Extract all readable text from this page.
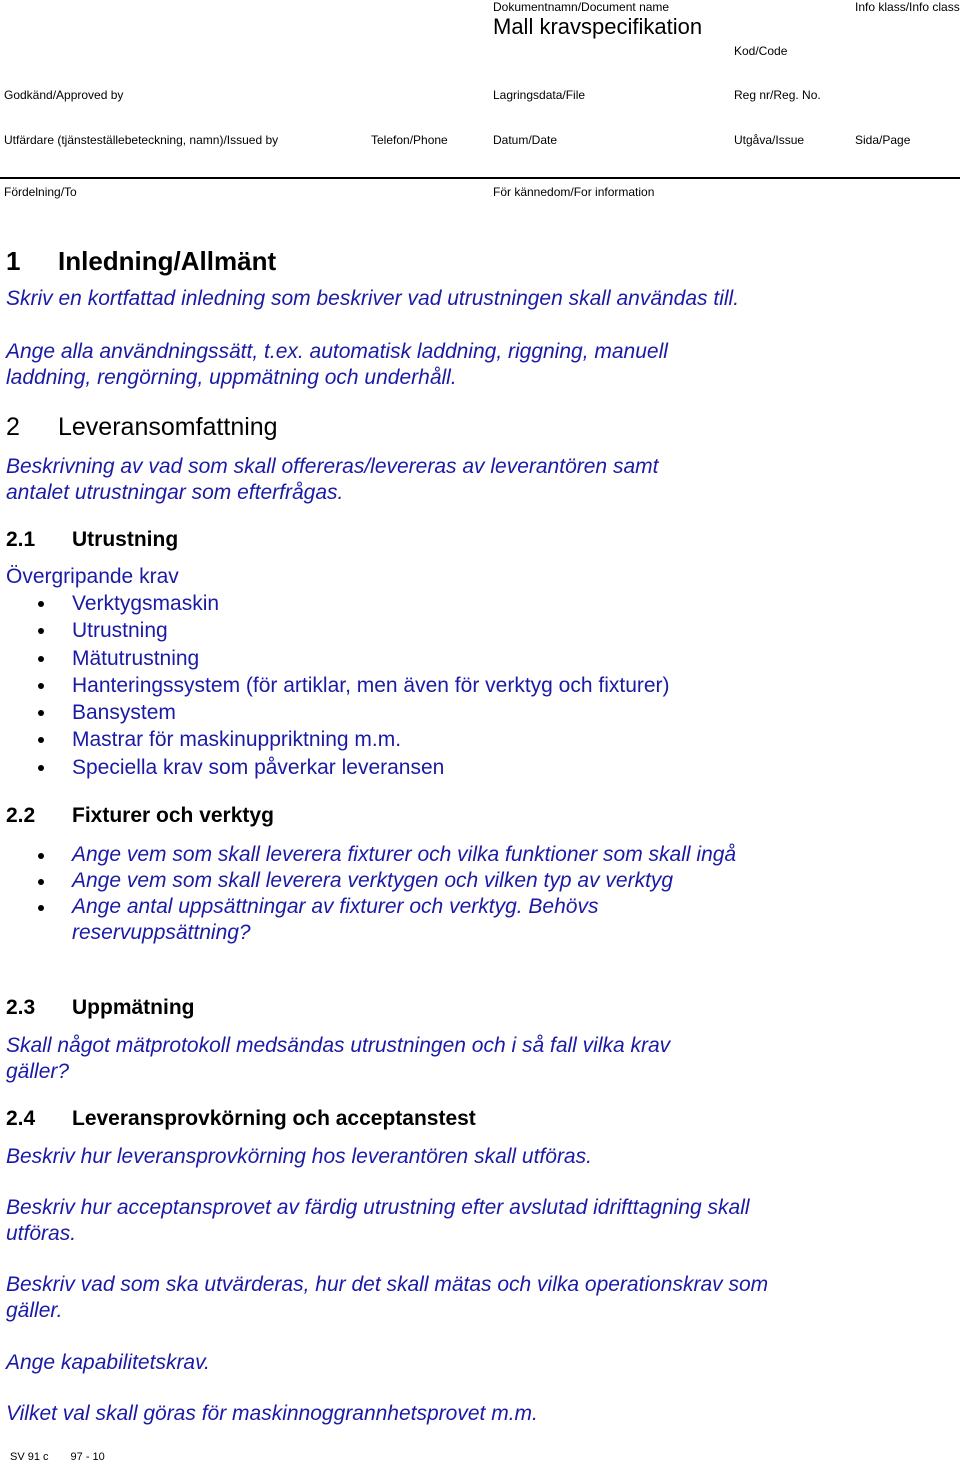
Dokumentnamn/Document name
Mall kravspecifikation
Info klass/Info class
Kod/Code
Godkänd/Approved by	Lagringsdata/File	Reg nr/Reg. No.
Utfärdare (tjänsteställebeteckning, namn)/Issued by	Telefon/Phone	Datum/Date	Utgåva/Issue	Sida/Page
Fördelning/To	För kännedom/For information
1 Inledning/Allmänt
Skriv en kortfattad inledning som beskriver vad utrustningen skall användas till.
Ange alla användningssätt, t.ex. automatisk laddning, riggning, manuell laddning, rengörning, uppmätning och underhåll.
2 Leveransomfattning
Beskrivning av vad som skall offereras/levereras av leverantören samt antalet utrustningar som efterfrågas.
2.1 Utrustning
Övergripande krav
Verktygsmaskin
Utrustning
Mätutrustning
Hanteringssystem (för artiklar, men även för verktyg och fixturer)
Bansystem
Mastrar för maskinuppriktning m.m.
Speciella krav som påverkar leveransen
2.2 Fixturer och verktyg
Ange vem som skall leverera fixturer och vilka funktioner som skall ingå
Ange vem som skall leverera verktygen och vilken typ av verktyg
Ange antal uppsättningar av fixturer och verktyg. Behövs reservuppsättning?
2.3 Uppmätning
Skall något mätprotokoll medsändas utrustningen och i så fall vilka krav gäller?
2.4 Leveransprovkörning och acceptanstest
Beskriv hur leveransprovkörning hos leverantören skall utföras.
Beskriv hur acceptansprovet av färdig utrustning efter avslutad idrifttagning skall utföras.
Beskriv vad som ska utvärderas, hur det skall mätas och vilka operationskrav som gäller.
Ange kapabilitetskrav.
Vilket val skall göras för maskinnoggrannhetsprovet m.m.
SV 91 c 97 - 10
